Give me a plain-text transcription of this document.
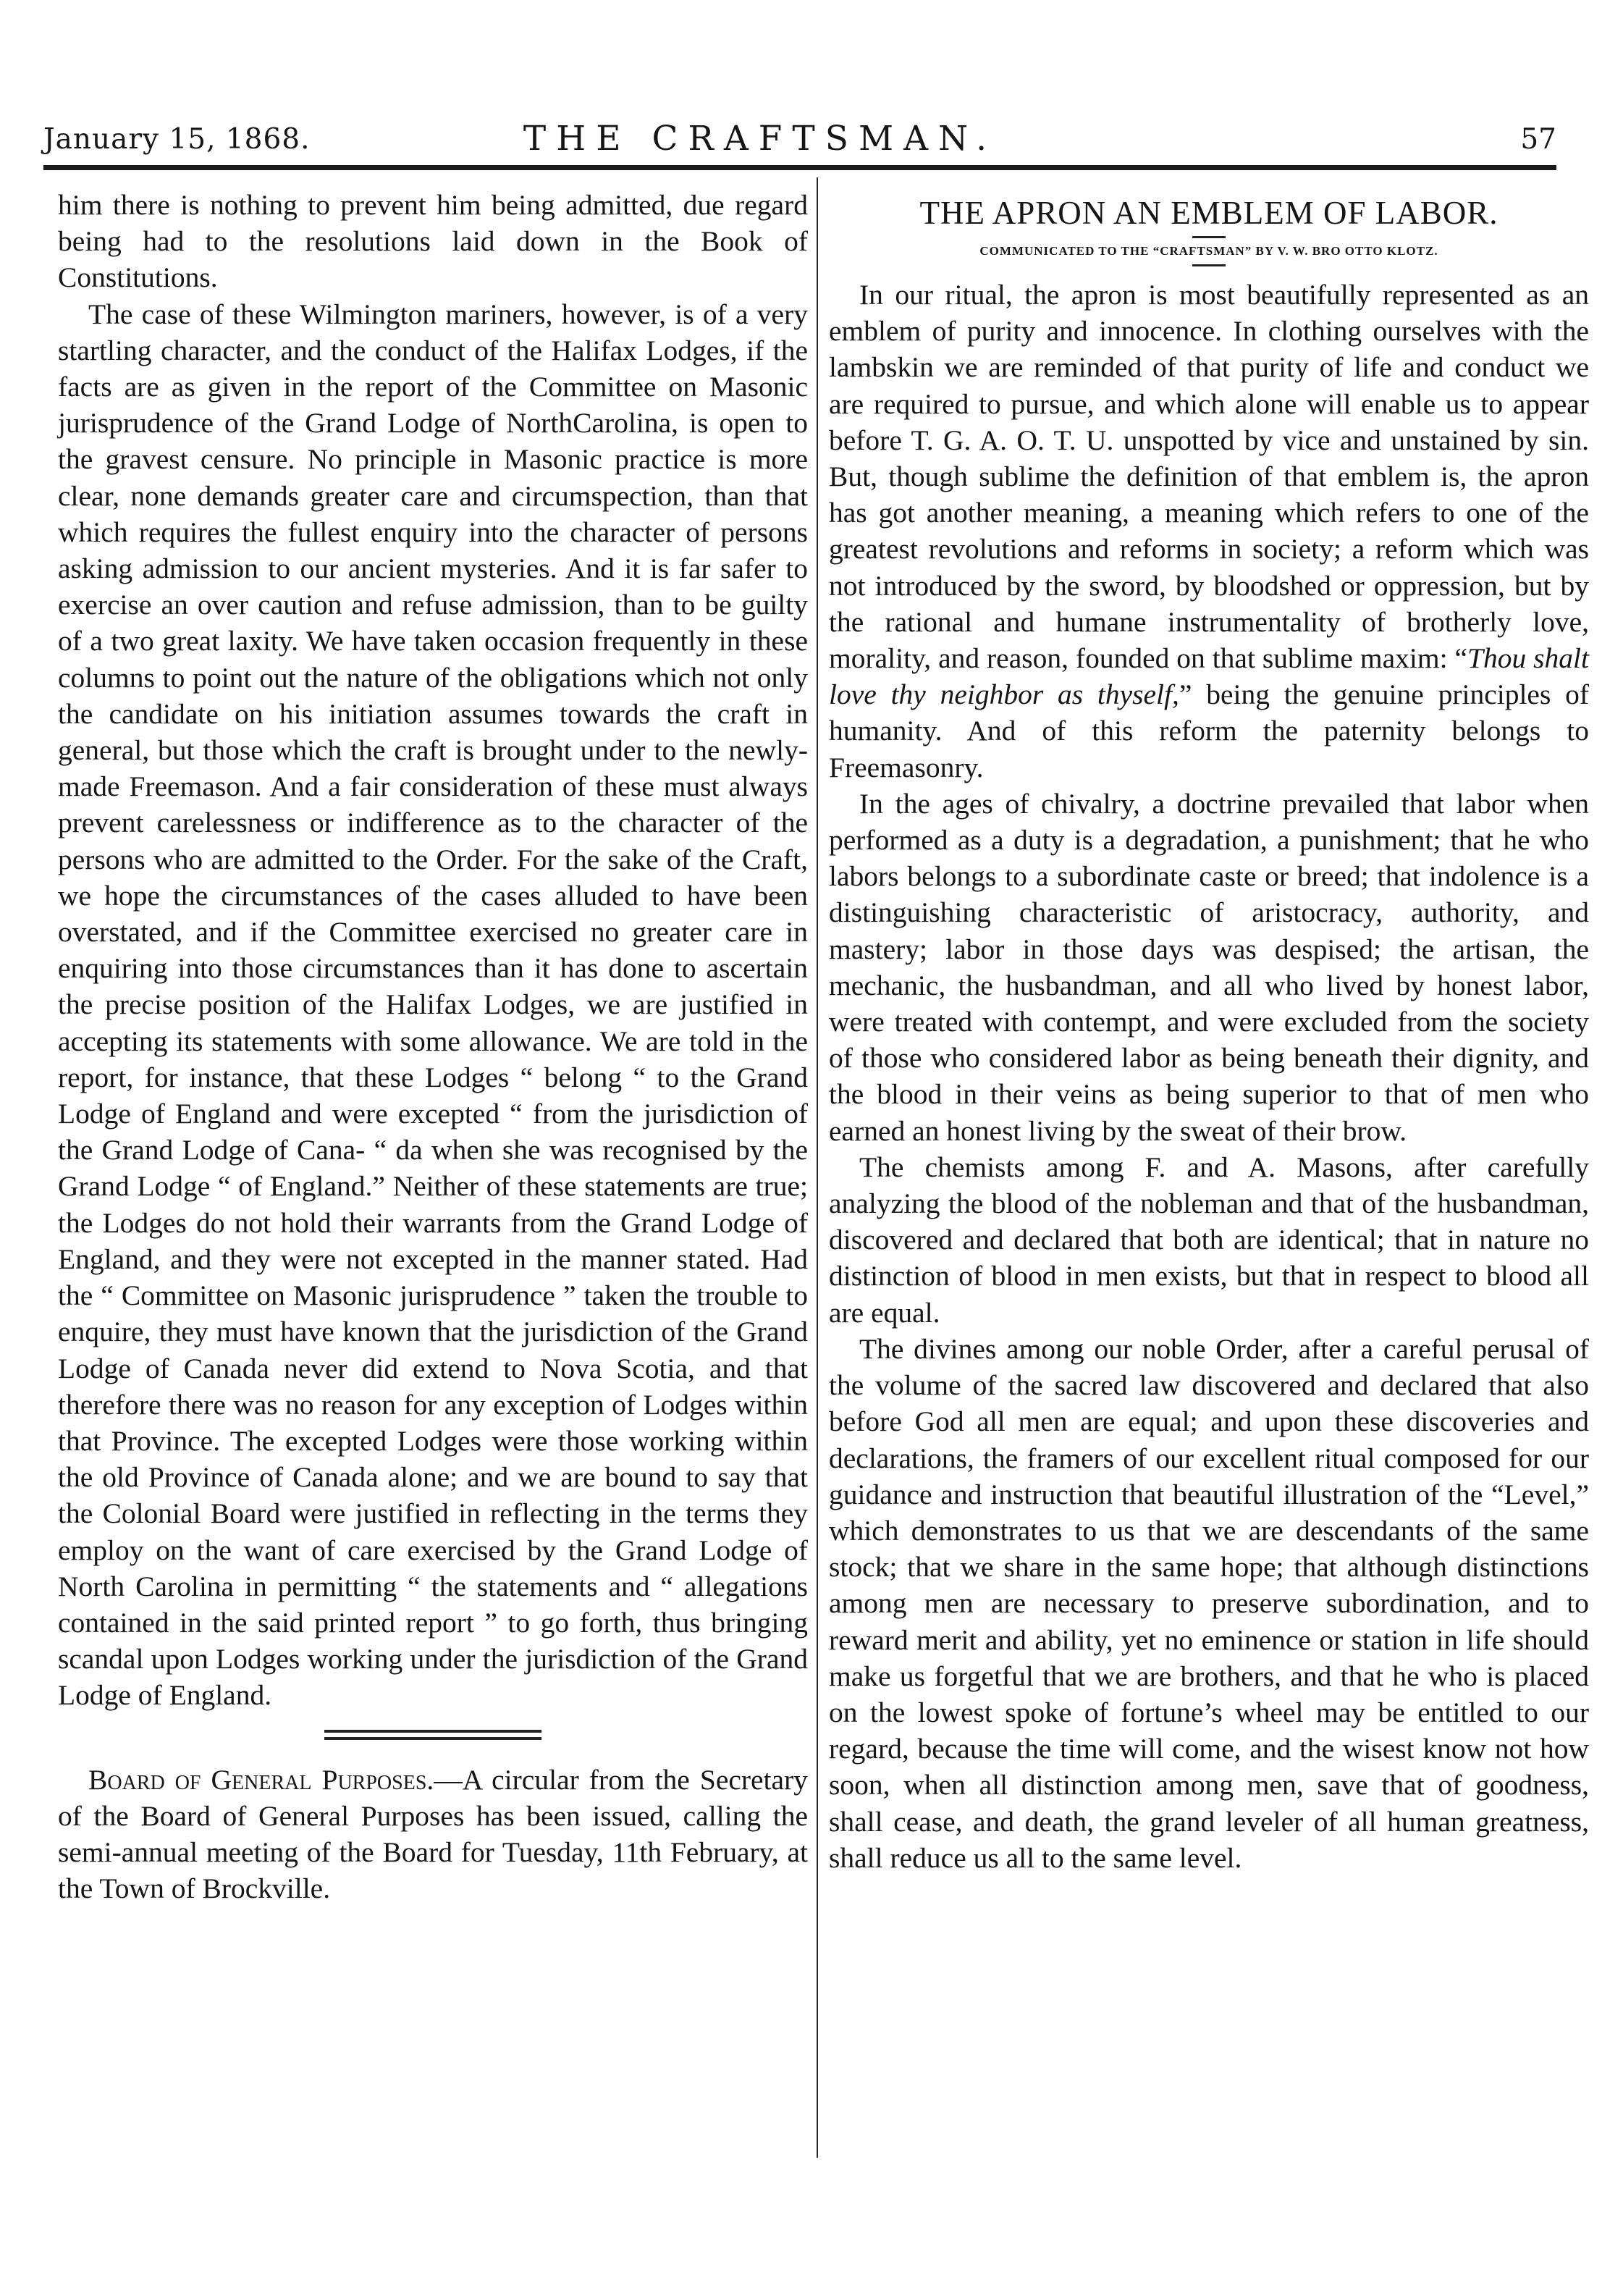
January 15, 1868.	THE CRAFTSMAN.	57

him there is nothing to prevent him being admitted, due regard being had to the resolutions laid down in the Book of Constitutions.

The case of these Wilmington mariners, however, is of a very startling character, and the conduct of the Halifax Lodges, if the facts are as given in the report of the Committee on Masonic jurisprudence of the Grand Lodge of NorthCarolina, is open to the gravest censure. No principle in Masonic practice is more clear, none demands greater care and circumspection, than that which requires the fullest enquiry into the character of persons asking admission to our ancient mysteries. And it is far safer to exercise an over caution and refuse admission, than to be guilty of a two great laxity. We have taken occasion frequently in these columns to point out the nature of the obligations which not only the candidate on his initiation assumes towards the craft in general, but those which the craft is brought under to the newly-made Freemason. And a fair consideration of these must always prevent carelessness or indifference as to the character of the persons who are admitted to the Order. For the sake of the Craft, we hope the circumstances of the cases alluded to have been overstated, and if the Committee exercised no greater care in enquiring into those circumstances than it has done to ascertain the precise position of the Halifax Lodges, we are justified in accepting its statements with some allowance. We are told in the report, for instance, that these Lodges “ belong “ to the Grand Lodge of England and were excepted “ from the jurisdiction of the Grand Lodge of Cana- “ da when she was recognised by the Grand Lodge “ of England.” Neither of these statements are true; the Lodges do not hold their warrants from the Grand Lodge of England, and they were not excepted in the manner stated. Had the “ Committee on Masonic jurisprudence ” taken the trouble to enquire, they must have known that the jurisdiction of the Grand Lodge of Canada never did extend to Nova Scotia, and that therefore there was no reason for any exception of Lodges within that Province. The excepted Lodges were those working within the old Province of Canada alone; and we are bound to say that the Colonial Board were justified in reflecting in the terms they employ on the want of care exercised by the Grand Lodge of North Carolina in permitting “ the statements and “ allegations contained in the said printed report ” to go forth, thus bringing scandal upon Lodges working under the jurisdiction of the Grand Lodge of England.

Board of General Purposes.—A circular from the Secretary of the Board of General Purposes has been issued, calling the semi-annual meeting of the Board for Tuesday, 11th February, at the Town of Brockville.

THE APRON AN EMBLEM OF LABOR.
COMMUNICATED TO THE “CRAFTSMAN” BY V. W. BRO OTTO KLOTZ.

In our ritual, the apron is most beautifully represented as an emblem of purity and innocence. In clothing ourselves with the lambskin we are reminded of that purity of life and conduct we are required to pursue, and which alone will enable us to appear before T. G. A. O. T. U. unspotted by vice and unstained by sin. But, though sublime the definition of that emblem is, the apron has got another meaning, a meaning which refers to one of the greatest revolutions and reforms in society; a reform which was not introduced by the sword, by bloodshed or oppression, but by the rational and humane instrumentality of brotherly love, morality, and reason, founded on that sublime maxim: “Thou shalt love thy neighbor as thyself,” being the genuine principles of humanity. And of this reform the paternity belongs to Freemasonry.

In the ages of chivalry, a doctrine prevailed that labor when performed as a duty is a degradation, a punishment; that he who labors belongs to a subordinate caste or breed; that indolence is a distinguishing characteristic of aristocracy, authority, and mastery; labor in those days was despised; the artisan, the mechanic, the husbandman, and all who lived by honest labor, were treated with contempt, and were excluded from the society of those who considered labor as being beneath their dignity, and the blood in their veins as being superior to that of men who earned an honest living by the sweat of their brow.

The chemists among F. and A. Masons, after carefully analyzing the blood of the nobleman and that of the husbandman, discovered and declared that both are identical; that in nature no distinction of blood in men exists, but that in respect to blood all are equal.

The divines among our noble Order, after a careful perusal of the volume of the sacred law discovered and declared that also before God all men are equal; and upon these discoveries and declarations, the framers of our excellent ritual composed for our guidance and instruction that beautiful illustration of the “Level,” which demonstrates to us that we are descendants of the same stock; that we share in the same hope; that although distinctions among men are necessary to preserve subordination, and to reward merit and ability, yet no eminence or station in life should make us forgetful that we are brothers, and that he who is placed on the lowest spoke of fortune’s wheel may be entitled to our regard, because the time will come, and the wisest know not how soon, when all distinction among men, save that of goodness, shall cease, and death, the grand leveler of all human greatness, shall reduce us all to the same level.
